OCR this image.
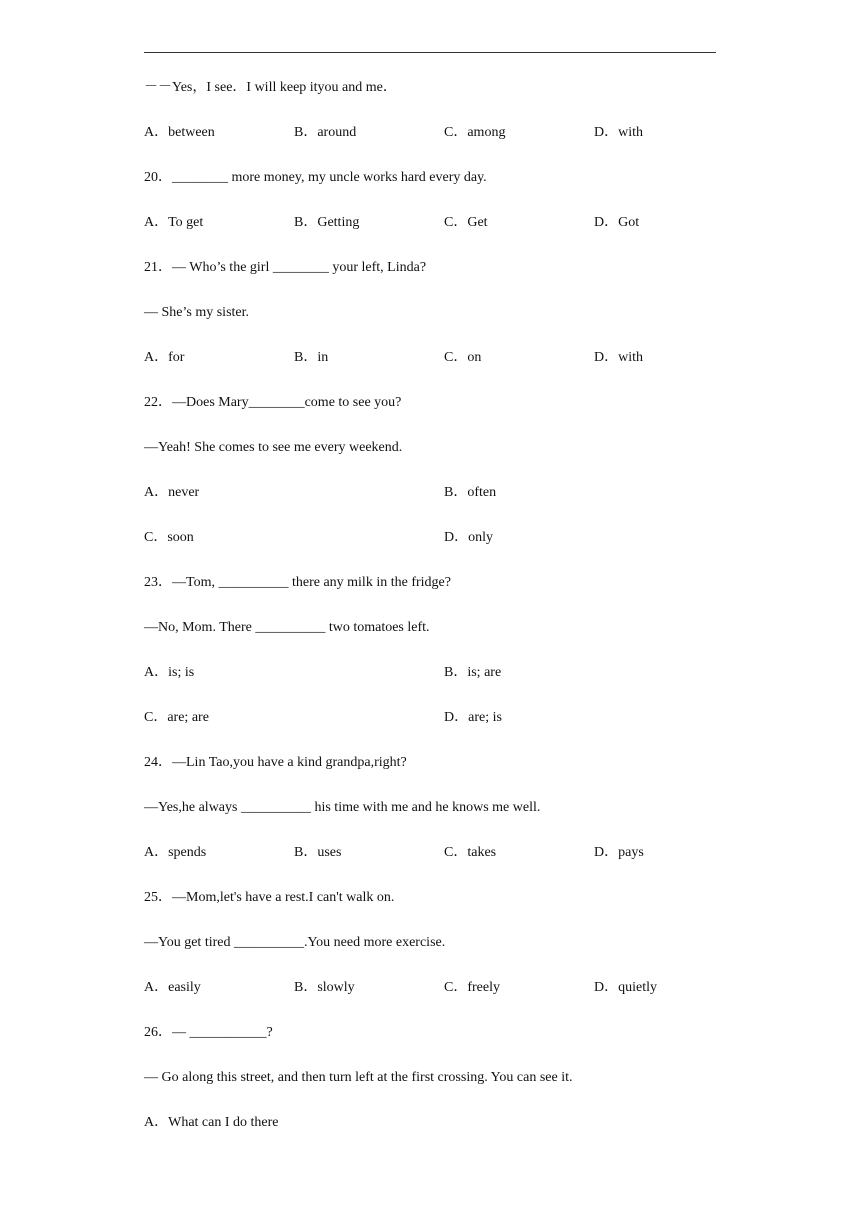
－－Yes，I see．I will keep ityou and me．
A．between	B．around	C．among	D．with
20．________ more money, my uncle works hard every day.
A．To get	B．Getting	C．Get	D．Got
21．— Who’s the girl ________ your left, Linda?
— She’s my sister.
A．for	B．in	C．on	D．with
22．—Does Mary________come to see you?
—Yeah! She comes to see me every weekend.
A．never	B．often
C．soon	D．only
23．—Tom, __________ there any milk in the fridge?
—No, Mom. There __________ two tomatoes left.
A．is; is	B．is; are
C．are; are	D．are; is
24．—Lin Tao,you have a kind grandpa,right?
—Yes,he always __________ his time with me and he knows me well.
A．spends	B．uses	C．takes	D．pays
25．—Mom,let's have a rest.I can't walk on.
—You get tired __________.You need more exercise.
A．easily	B．slowly	C．freely	D．quietly
26．— ___________?
— Go along this street, and then turn left at the first crossing. You can see it.
A．What can I do there
